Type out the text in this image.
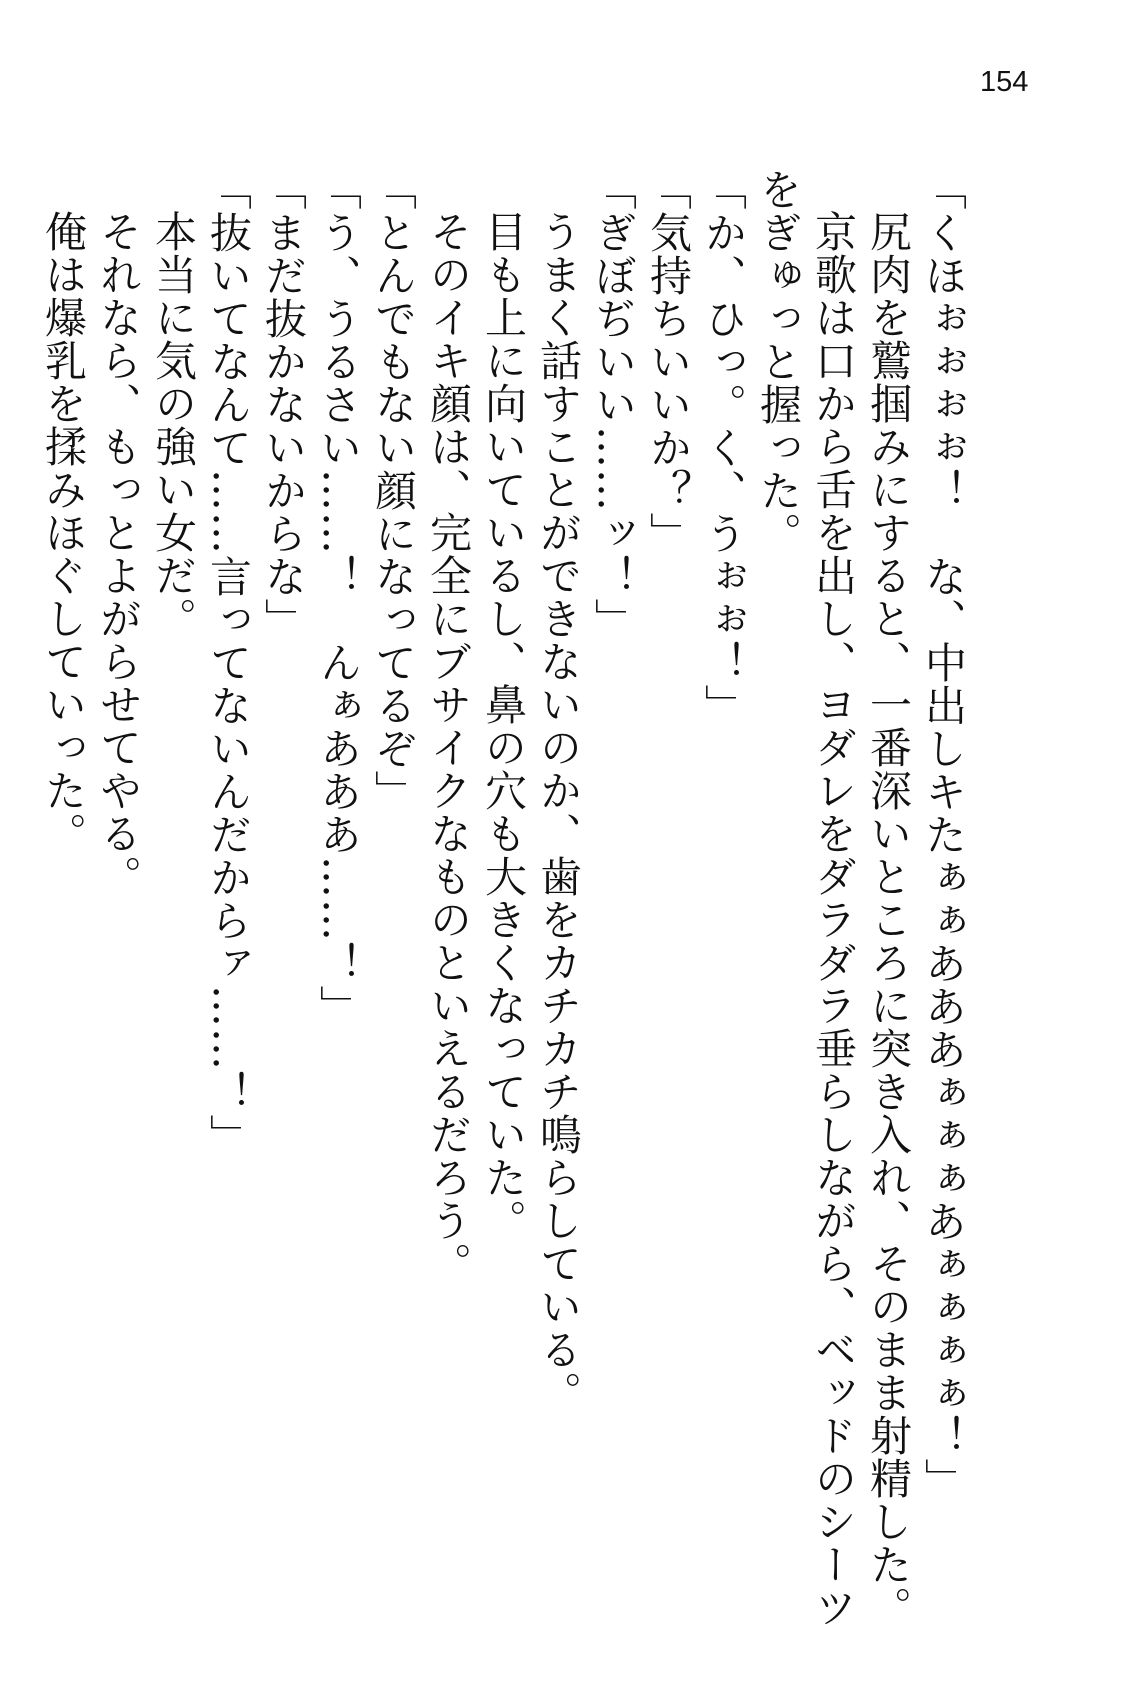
154

「くほぉぉぉぉ！　な、中出しキたぁぁあああぁぁぁあぁぁぁぁ！」

尻肉を鷲掴みにすると、一番深いところに突き入れ、そのまま射精した。

京歌は口から舌を出し、ヨダレをダラダラ垂らしながら、ベッドのシーツをぎゅっと握った。

「か、ひっ。く、うぉぉ！」

「気持ちいいか？」

「ぎぼぢいい……ッ！」

うまく話すことができないのか、歯をカチカチ鳴らしている。

目も上に向いているし、鼻の穴も大きくなっていた。

そのイキ顔は、完全にブサイクなものといえるだろう。

「とんでもない顔になってるぞ」

「う、うるさい……！　んぁあああ……！」

「まだ抜かないからな」

「抜いてなんて……言ってないんだからァ……！」

本当に気の強い女だ。

それなら、もっとよがらせてやる。

俺は爆乳を揉みほぐしていった。
